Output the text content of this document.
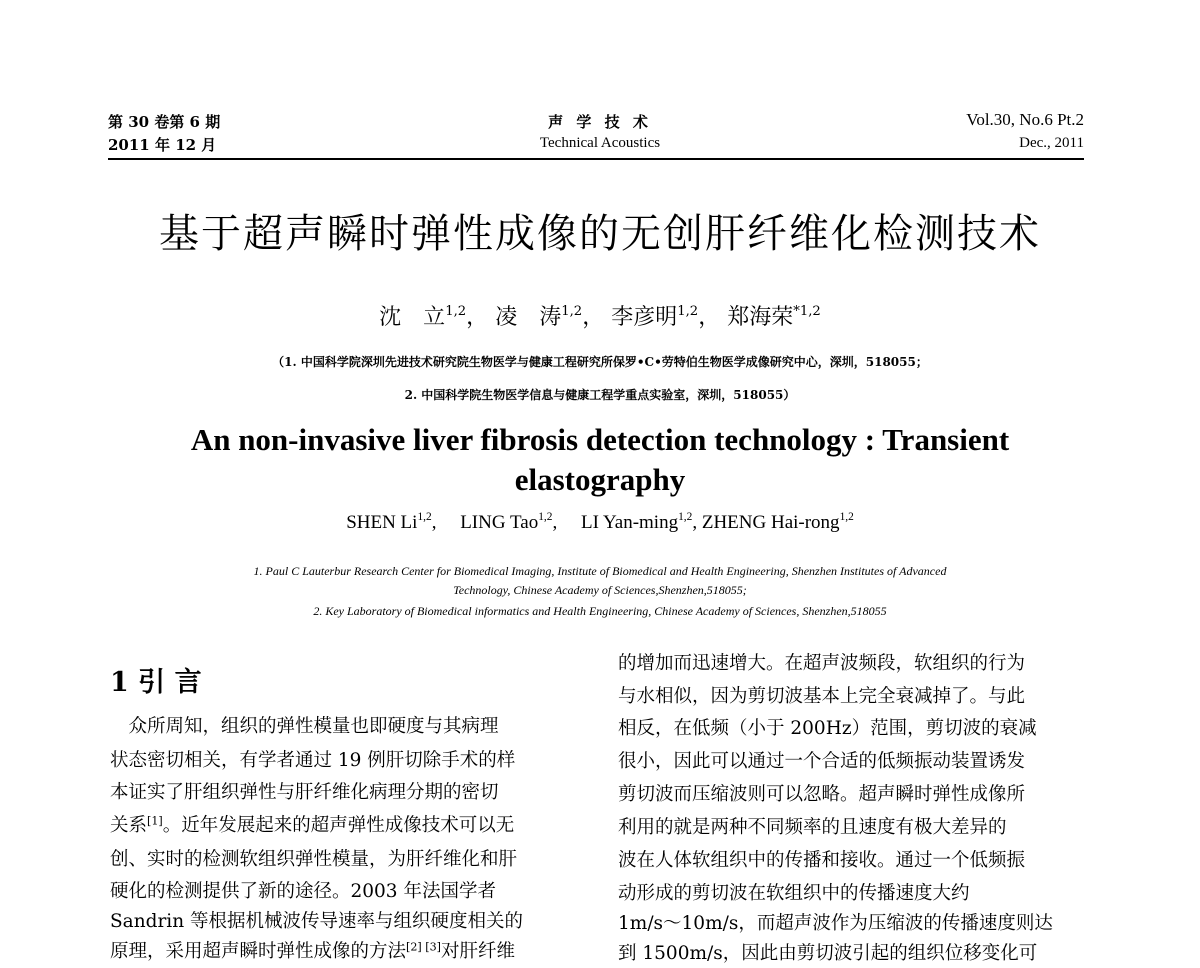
第 30 卷第 6 期
2011 年 12 月
声 学 技 术
Technical Acoustics
Vol.30, No.6 Pt.2
Dec., 2011
基于超声瞬时弹性成像的无创肝纤维化检测技术
沈　立$^{1,2}$， 凌　涛$^{1,2}$， 李彦明$^{1,2}$， 郑海荣$^{*1,2}$
（1. 中国科学院深圳先进技术研究院生物医学与健康工程研究所保罗•C•劳特伯生物医学成像研究中心，深圳，518055；
2. 中国科学院生物医学信息与健康工程学重点实验室，深圳，518055）
An non-invasive liver fibrosis detection technology : Transient elastography
SHEN Li$^{1,2}$,　 LING Tao$^{1,2}$,　 LI Yan-ming$^{1,2}$, ZHENG Hai-rong$^{1,2}$
1. Paul C Lauterbur Research Center for Biomedical Imaging, Institute of Biomedical and Health Engineering, Shenzhen Institutes of Advanced
Technology, Chinese Academy of Sciences,Shenzhen,518055;
2. Key Laboratory of Biomedical informatics and Health Engineering, Chinese Academy of Sciences, Shenzhen,518055
1 引 言
　众所周知，组织的弹性模量也即硬度与其病理
状态密切相关，有学者通过 19 例肝切除手术的样
本证实了肝组织弹性与肝纤维化病理分期的密切
关系[1]。近年发展起来的超声弹性成像技术可以无
创、实时的检测软组织弹性模量，为肝纤维化和肝
硬化的检测提供了新的途径。2003 年法国学者
Sandrin 等根据机械波传导速率与组织硬度相关的
原理，采用超声瞬时弹性成像的方法[2] [3]对肝纤维
的增加而迅速增大。在超声波频段，软组织的行为
与水相似，因为剪切波基本上完全衰减掉了。与此
相反，在低频（小于 200Hz）范围，剪切波的衰减
很小，因此可以通过一个合适的低频振动装置诱发
剪切波而压缩波则可以忽略。超声瞬时弹性成像所
利用的就是两种不同频率的且速度有极大差异的
波在人体软组织中的传播和接收。通过一个低频振
动形成的剪切波在软组织中的传播速度大约
1m/s～10m/s，而超声波作为压缩波的传播速度则达
到 1500m/s，因此由剪切波引起的组织位移变化可
